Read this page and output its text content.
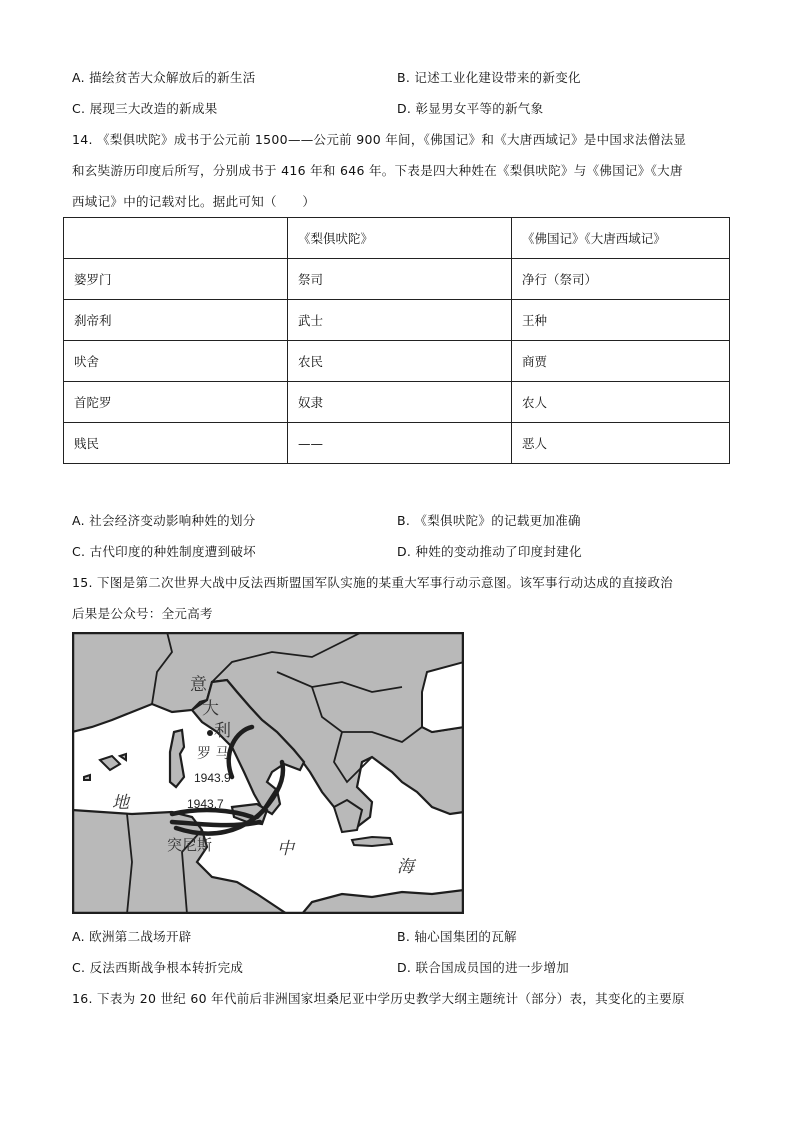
A. 描绘贫苦大众解放后的新生活	B. 记述工业化建设带来的新变化
C. 展现三大改造的新成果	D. 彰显男女平等的新气象
14. 《梨俱吠陀》成书于公元前 1500——公元前 900 年间，《佛国记》和《大唐西域记》是中国求法僧法显
和玄奘游历印度后所写，分别成书于 416 年和 646 年。下表是四大种姓在《梨俱吠陀》与《佛国记》《大唐
西域记》中的记载对比。据此可知（　　）
	《梨俱吠陀》	《佛国记》《大唐西域记》
婆罗门	祭司	净行（祭司）
刹帝利	武士	王种
吠舍	农民	商贾
首陀罗	奴隶	农人
贱民	——	恶人
A. 社会经济变动影响种姓的划分	B. 《梨俱吠陀》的记载更加准确
C. 古代印度的种姓制度遭到破坏	D. 种姓的变动推动了印度封建化
15. 下图是第二次世界大战中反法西斯盟国军队实施的某重大军事行动示意图。该军事行动达成的直接政治
后果是公众号：全元高考
意
大
利
罗 马
1943.9
1943.7
突尼斯
地
中
海
A. 欧洲第二战场开辟	B. 轴心国集团的瓦解
C. 反法西斯战争根本转折完成	D. 联合国成员国的进一步增加
16. 下表为 20 世纪 60 年代前后非洲国家坦桑尼亚中学历史教学大纲主题统计（部分）表，其变化的主要原
